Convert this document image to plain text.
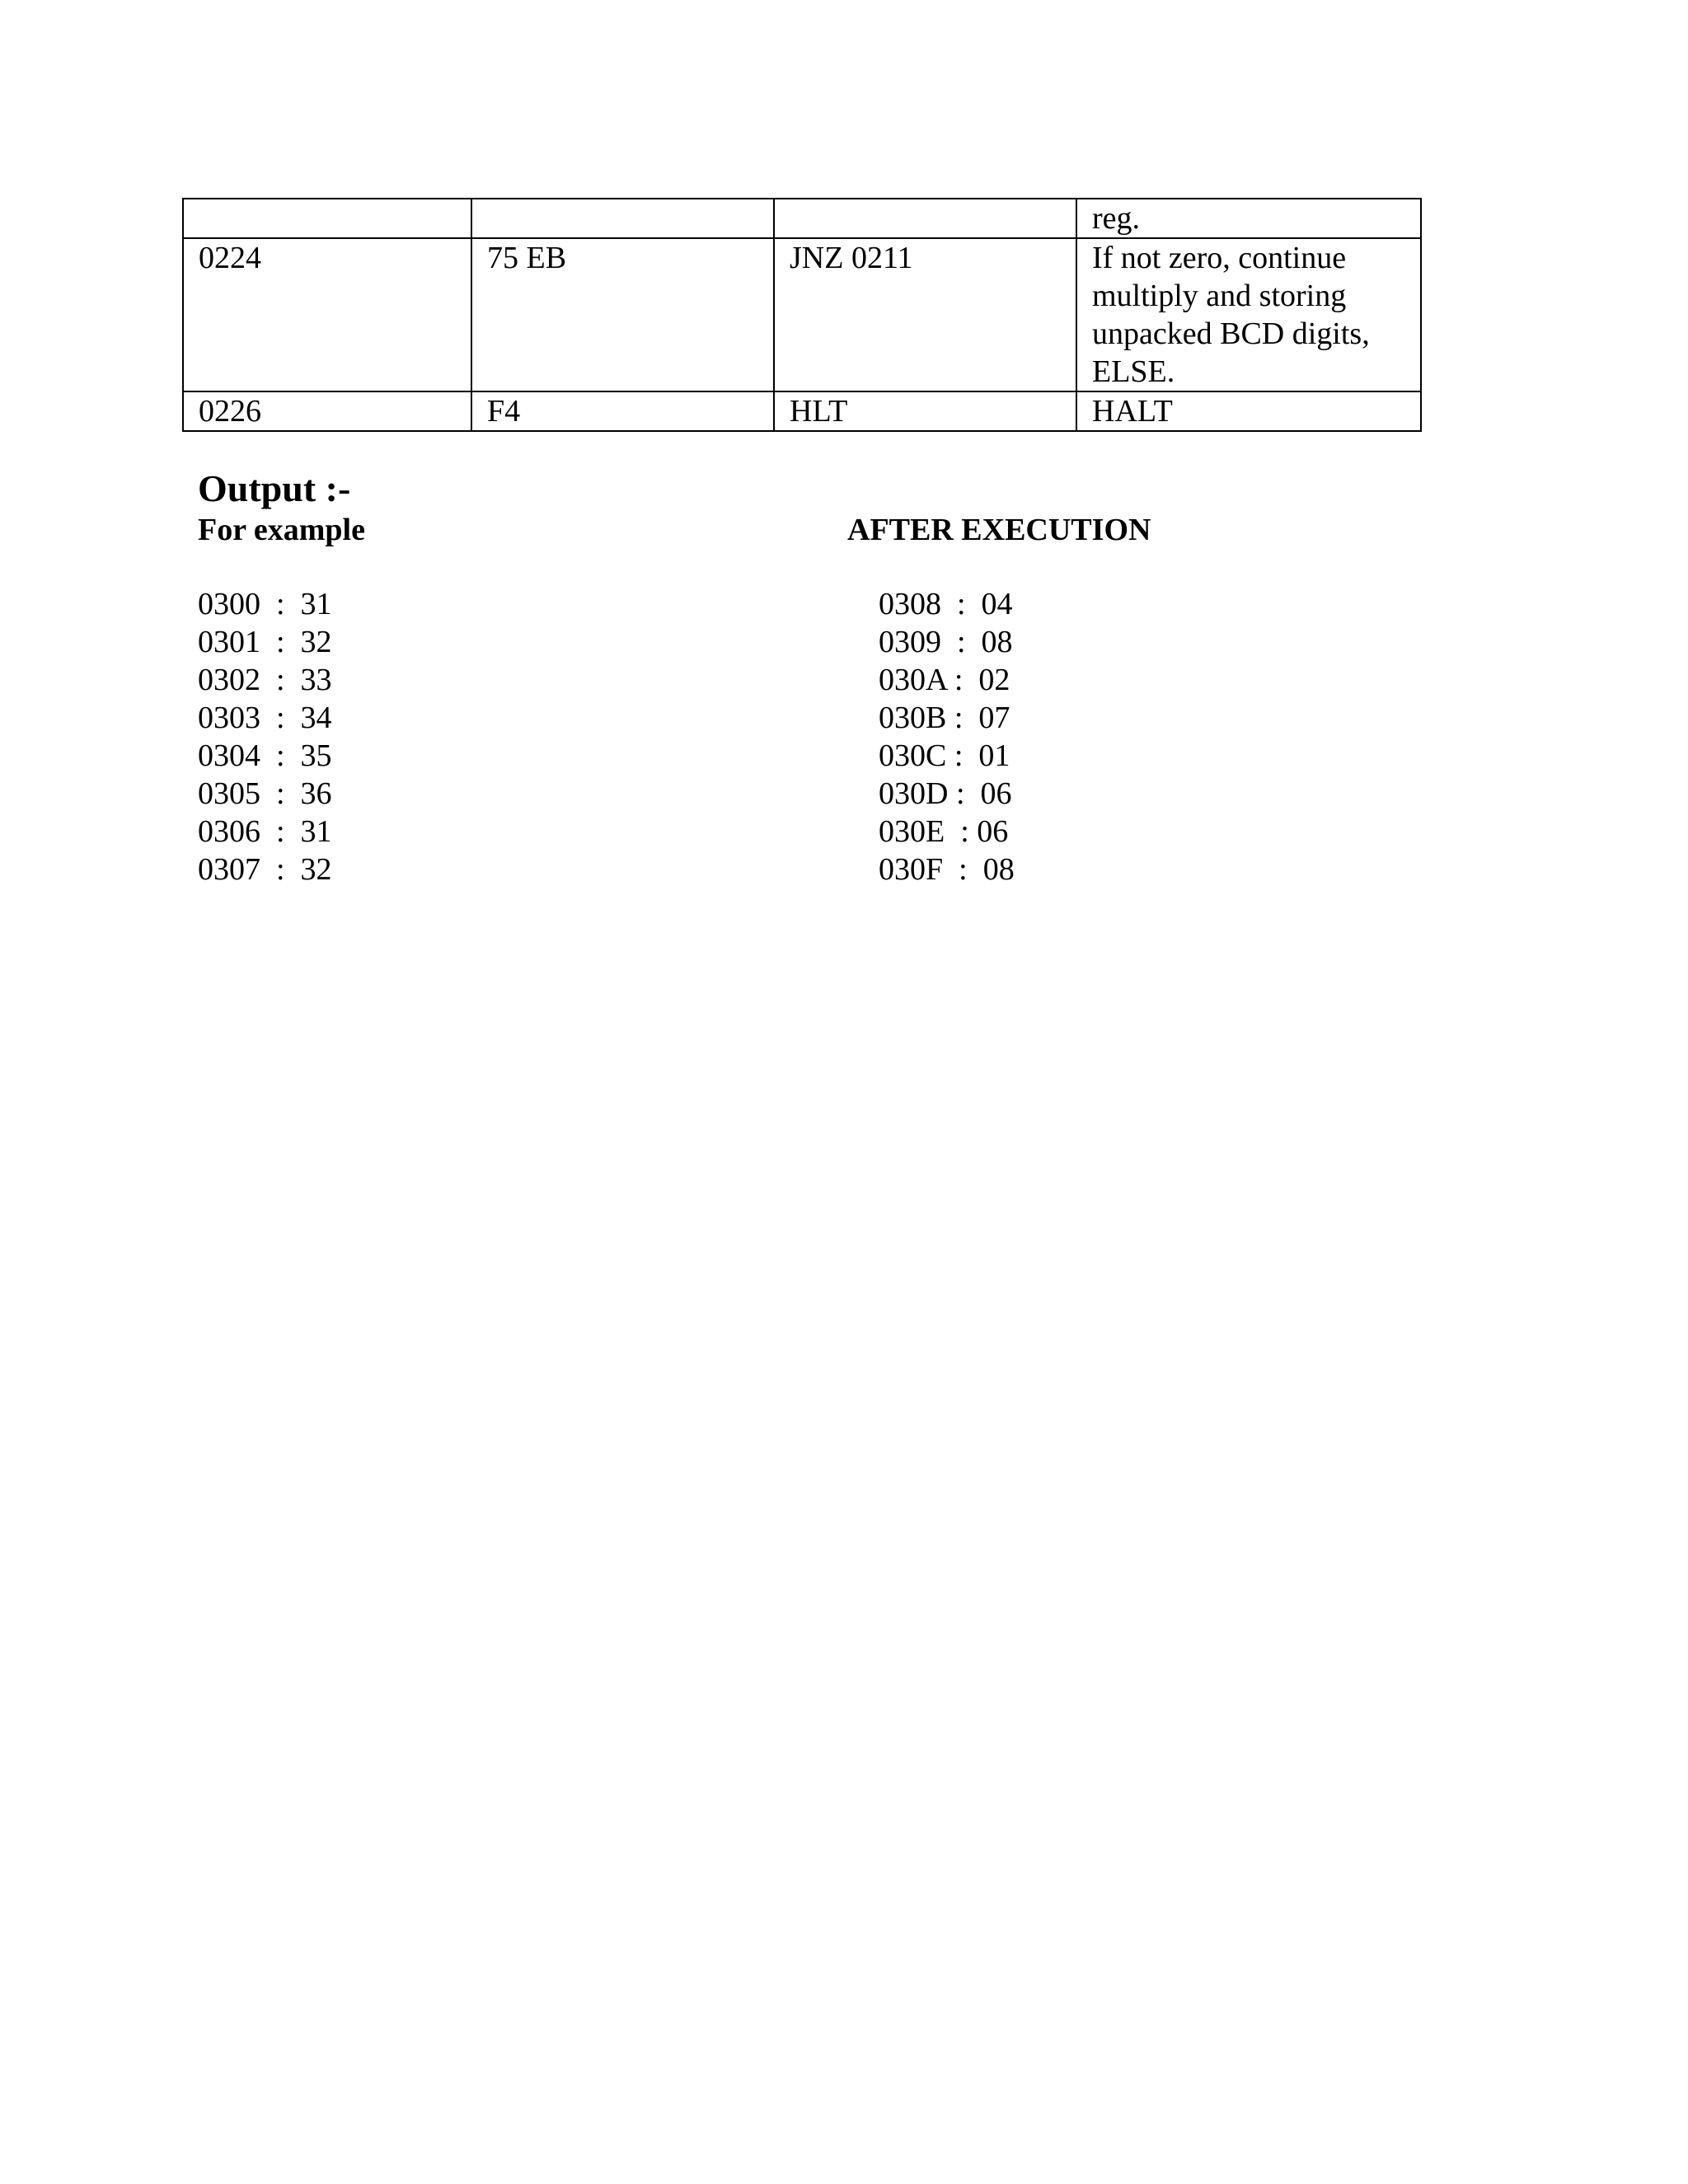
			reg.
0224	75 EB	JNZ 0211	If not zero, continue
multiply and storing
unpacked BCD digits,
ELSE.
0226	F4	HLT	HALT
Output :-
For example	AFTER EXECUTION
0300  :  31
0301  :  32
0302  :  33
0303  :  34
0304  :  35
0305  :  36
0306  :  31
0307  :  32
0308  :  04
0309  :  08
030A :  02
030B :  07
030C :  01
030D :  06
030E  : 06
030F  :  08
